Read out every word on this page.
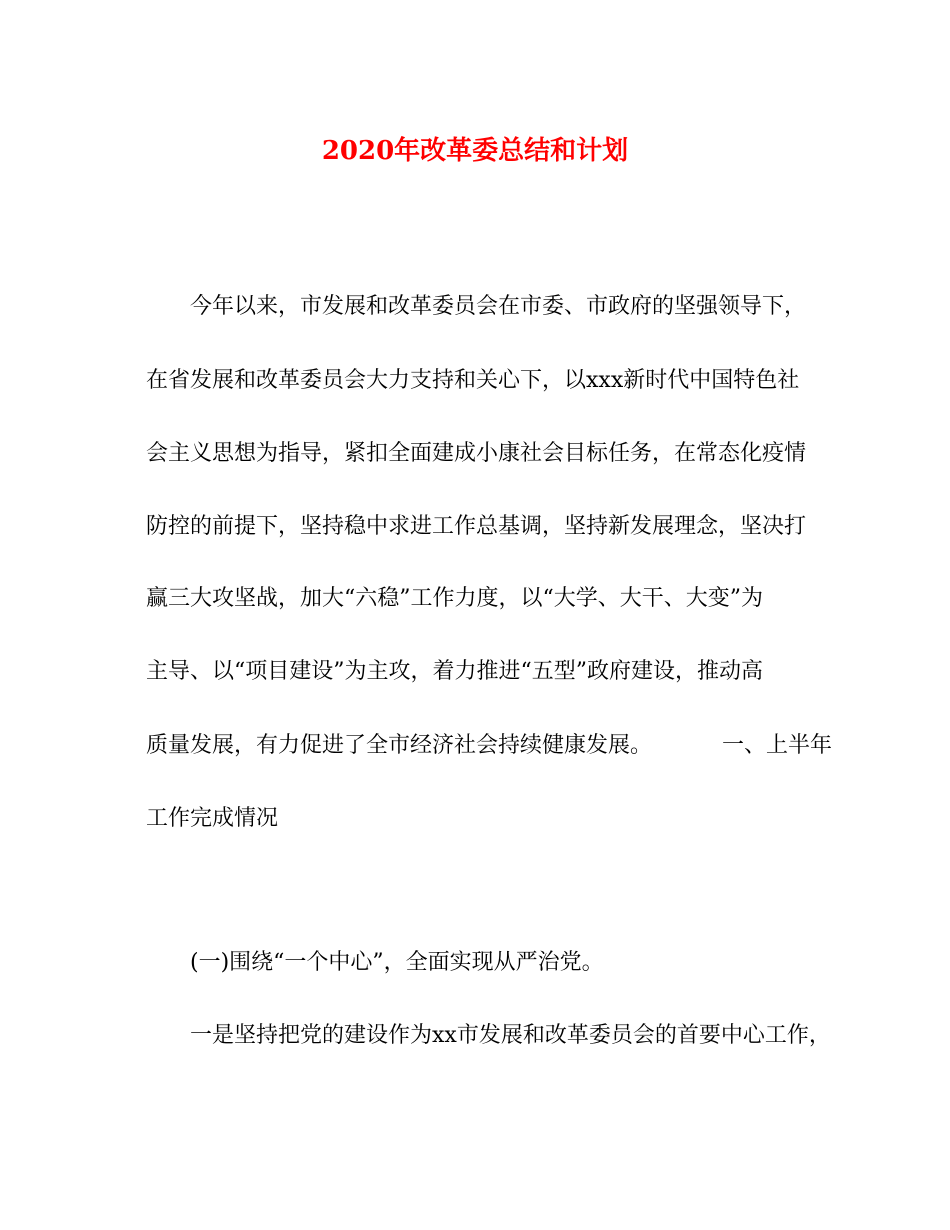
2020年改革委总结和计划

今年以来，市发展和改革委员会在市委、市政府的坚强领导下，

在省发展和改革委员会大力支持和关心下，以xxx新时代中国特色社

会主义思想为指导，紧扣全面建成小康社会目标任务，在常态化疫情

防控的前提下，坚持稳中求进工作总基调，坚持新发展理念，坚决打

赢三大攻坚战，加大“六稳”工作力度，以“大学、大干、大变”为

主导、以“项目建设”为主攻，着力推进“五型”政府建设，推动高

质量发展，有力促进了全市经济社会持续健康发展。	一、上半年

工作完成情况

(一)围绕“一个中心”，全面实现从严治党。

一是坚持把党的建设作为xx市发展和改革委员会的首要中心工作，
